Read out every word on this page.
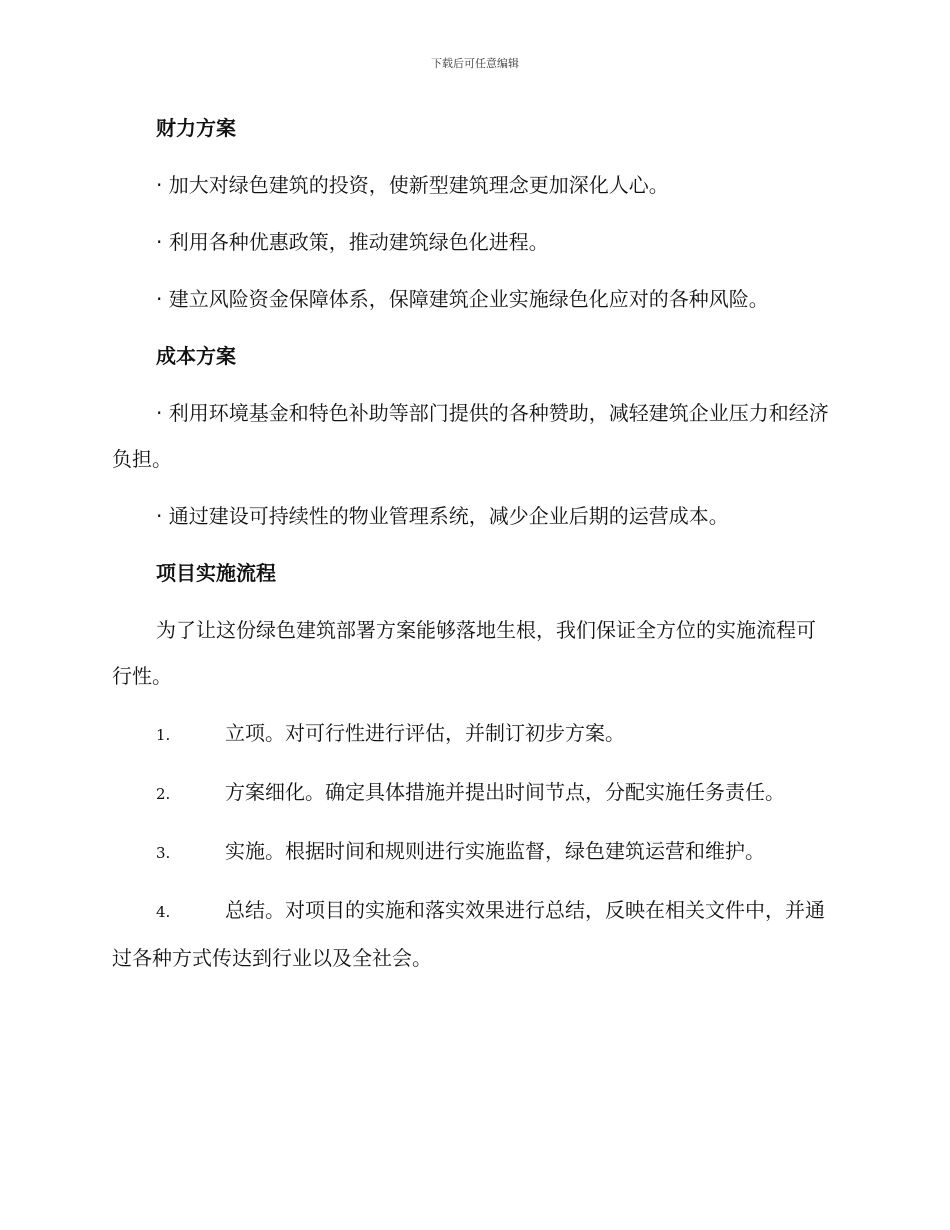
下载后可任意编辑
财力方案
· 加大对绿色建筑的投资，使新型建筑理念更加深化人心。
· 利用各种优惠政策，推动建筑绿色化进程。
· 建立风险资金保障体系，保障建筑企业实施绿色化应对的各种风险。
成本方案
· 利用环境基金和特色补助等部门提供的各种赞助，减轻建筑企业压力和经济负担。
· 通过建设可持续性的物业管理系统，减少企业后期的运营成本。
项目实施流程
为了让这份绿色建筑部署方案能够落地生根，我们保证全方位的实施流程可行性。
1.	立项。对可行性进行评估，并制订初步方案。
2.	方案细化。确定具体措施并提出时间节点，分配实施任务责任。
3.	实施。根据时间和规则进行实施监督，绿色建筑运营和维护。
4.	总结。对项目的实施和落实效果进行总结，反映在相关文件中，并通过各种方式传达到行业以及全社会。
